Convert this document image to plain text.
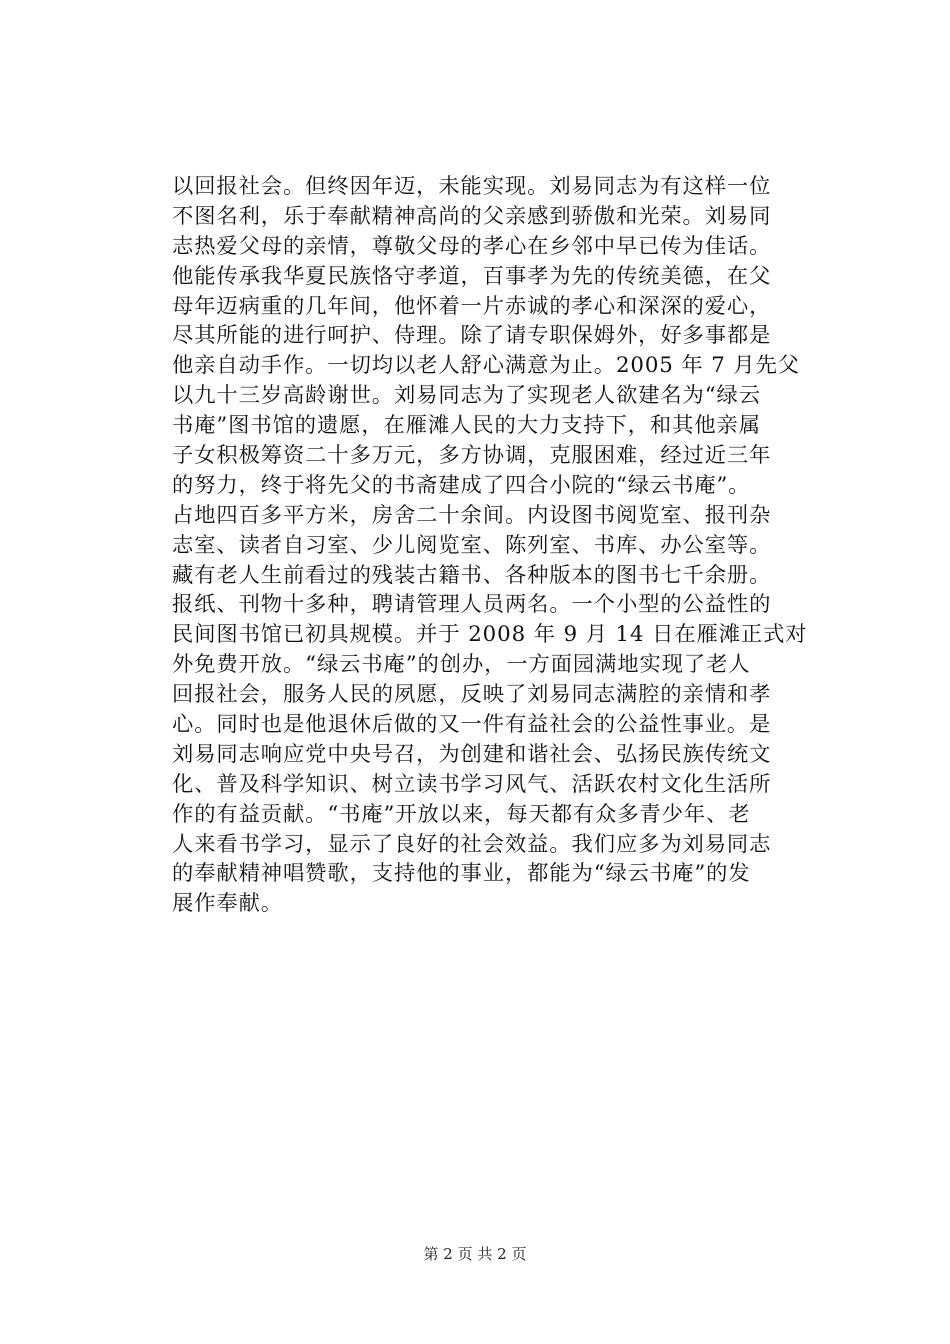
以回报社会。但终因年迈，未能实现。刘易同志为有这样一位
不图名利，乐于奉献精神高尚的父亲感到骄傲和光荣。刘易同
志热爱父母的亲情，尊敬父母的孝心在乡邻中早已传为佳话。
他能传承我华夏民族恪守孝道，百事孝为先的传统美德，在父
母年迈病重的几年间，他怀着一片赤诚的孝心和深深的爱心，
尽其所能的进行呵护、侍理。除了请专职保姆外，好多事都是
他亲自动手作。一切均以老人舒心满意为止。2005 年 7 月先父
以九十三岁高龄谢世。刘易同志为了实现老人欲建名为“绿云
书庵”图书馆的遗愿，在雁滩人民的大力支持下，和其他亲属
子女积极筹资二十多万元，多方协调，克服困难，经过近三年
的努力，终于将先父的书斋建成了四合小院的“绿云书庵”。
占地四百多平方米，房舍二十余间。内设图书阅览室、报刊杂
志室、读者自习室、少儿阅览室、陈列室、书库、办公室等。
藏有老人生前看过的残装古籍书、各种版本的图书七千余册。
报纸、刊物十多种，聘请管理人员两名。一个小型的公益性的
民间图书馆已初具规模。并于 2008 年 9 月 14 日在雁滩正式对
外免费开放。“绿云书庵”的创办，一方面园满地实现了老人
回报社会，服务人民的夙愿，反映了刘易同志满腔的亲情和孝
心。同时也是他退休后做的又一件有益社会的公益性事业。是
刘易同志响应党中央号召，为创建和谐社会、弘扬民族传统文
化、普及科学知识、树立读书学习风气、活跃农村文化生活所
作的有益贡献。“书庵”开放以来，每天都有众多青少年、老
人来看书学习，显示了良好的社会效益。我们应多为刘易同志
的奉献精神唱赞歌，支持他的事业，都能为“绿云书庵”的发
展作奉献。
第 2 页 共 2 页
